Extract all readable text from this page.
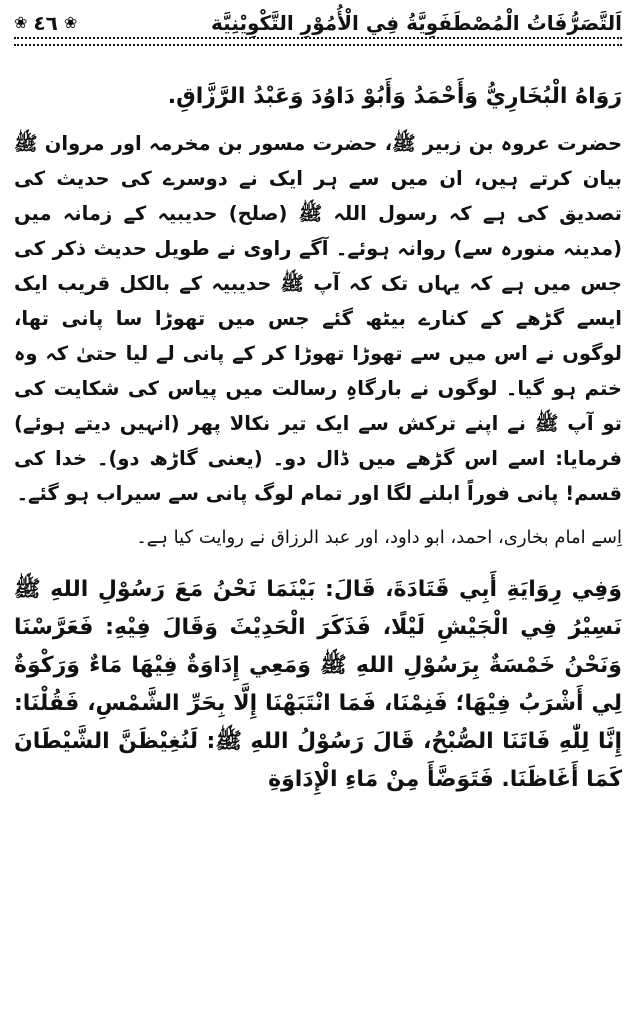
اَلتَّصَرُّفَاتُ الْمُصْطَفَوِيَّةُ فِي الْأُمُوْرِ التَّكْوِيْنِيَّة
❀ ٤٦ ❀

رَوَاهُ الْبُخَارِيُّ وَأَحْمَدُ وَأَبُوْ دَاوُدَ وَعَبْدُ الرَّزَّاقِ.

حضرت عروہ بن زبیر ﷺ، حضرت مسور بن مخرمہ اور مروان ﷺ بیان کرتے ہیں، ان میں سے ہر ایک نے دوسرے کی حدیث کی تصدیق کی ہے کہ رسول اللہ ﷺ (صلح) حدیبیہ کے زمانہ میں (مدینہ منورہ سے) روانہ ہوئے۔ آگے راوی نے طویل حدیث ذکر کی جس میں ہے کہ یہاں تک کہ آپ ﷺ حدیبیہ کے بالکل قریب ایک ایسے گڑھے کے کنارے بیٹھ گئے جس میں تھوڑا سا پانی تھا، لوگوں نے اس میں سے تھوڑا تھوڑا کر کے پانی لے لیا حتیٰ کہ وہ ختم ہو گیا۔ لوگوں نے بارگاہِ رسالت میں پیاس کی شکایت کی تو آپ ﷺ نے اپنے ترکش سے ایک تیر نکالا پھر (انہیں دیتے ہوئے) فرمایا: اسے اس گڑھے میں ڈال دو۔ (یعنی گاڑھ دو)۔ خدا کی قسم! پانی فوراً ابلنے لگا اور تمام لوگ پانی سے سیراب ہو گئے۔

اِسے امام بخاری، احمد، ابو داود، اور عبد الرزاق نے روایت کیا ہے۔

وَفِي رِوَايَةِ أَبِي قَتَادَةَ، قَالَ: بَيْنَمَا نَحْنُ مَعَ رَسُوْلِ اللهِ ﷺ نَسِيْرُ فِي الْجَيْشِ لَيْلًا، فَذَكَرَ الْحَدِيْثَ وَقَالَ فِيْهِ: فَعَرَّسْنَا وَنَحْنُ خَمْسَةٌ بِرَسُوْلِ اللهِ ﷺ وَمَعِي إِدَاوَةٌ فِيْهَا مَاءٌ وَرَكْوَةٌ لِي أَشْرَبُ فِيْهَا؛ فَنِمْنَا، فَمَا انْتَبَهْنَا إِلَّا بِحَرِّ الشَّمْسِ، فَقُلْنَا: إِنَّا لِلّٰهِ فَاتَنَا الصُّبْحُ، قَالَ رَسُوْلُ اللهِ ﷺ: لَنُغِيْظَنَّ الشَّيْطَانَ كَمَا أَغَاظَنَا. فَتَوَضَّأَ مِنْ مَاءِ الْإِدَاوَةِ
